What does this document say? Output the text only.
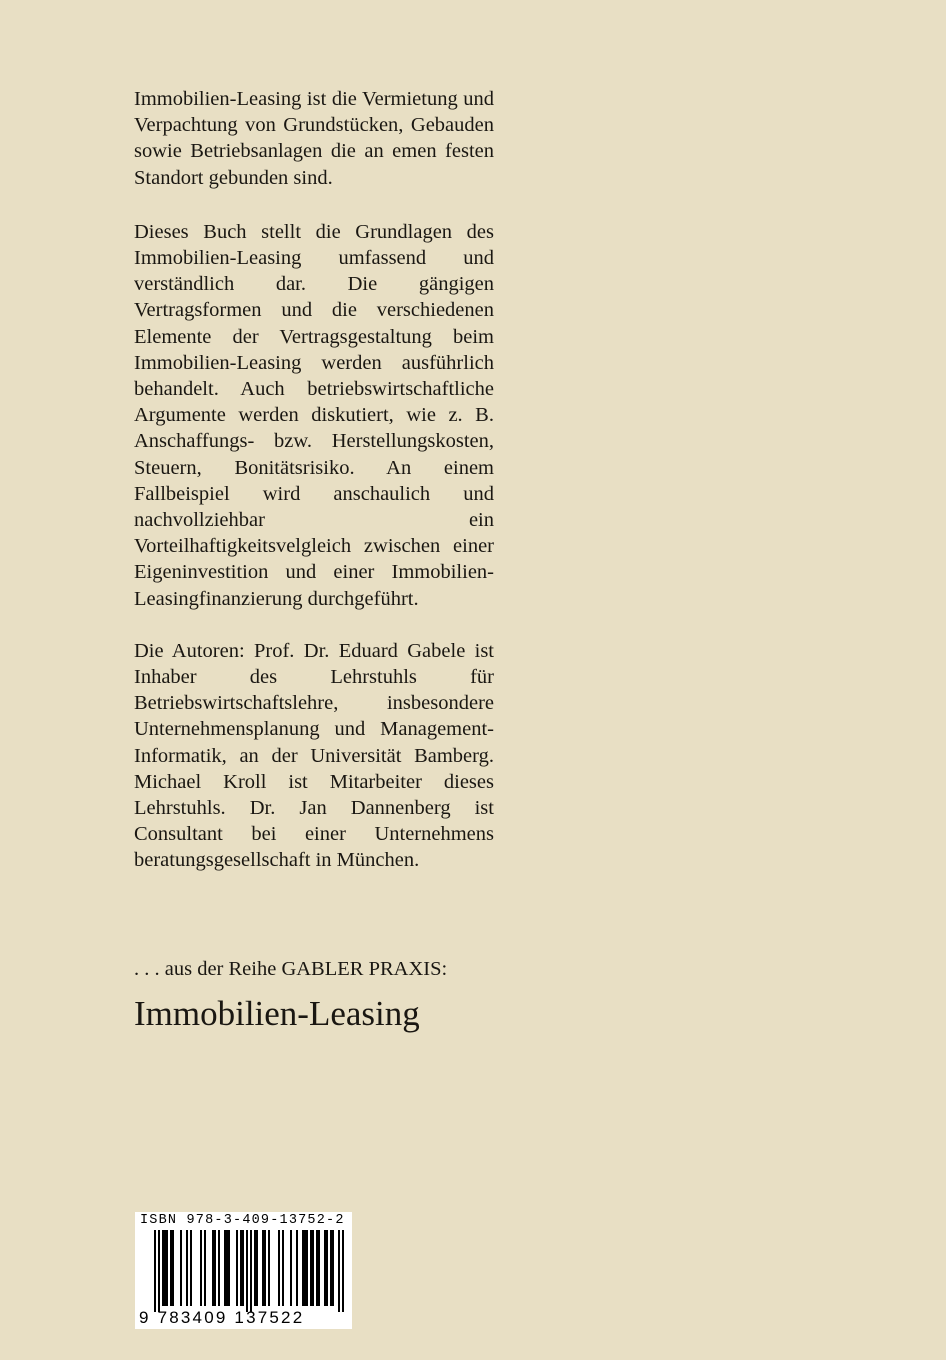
Immobilien-Leasing ist die Vermietung und Verpachtung von Grundstücken, Gebauden sowie Betriebsanlagen die an emen festen Standort gebunden sind.

Dieses Buch stellt die Grundlagen des Immobilien-Leasing umfassend und verständlich dar. Die gängigen Vertragsformen und die verschiedenen Elemente der Vertragsgestaltung beim Immobilien-Leasing werden ausführlich behandelt. Auch betriebswirtschaftliche Argumente werden diskutiert, wie z. B. Anschaffungs- bzw. Herstellungskosten, Steuern, Bonitätsrisiko. An einem Fallbeispiel wird anschaulich und nachvollziehbar ein Vorteilhaftigkeitsvelgleich zwischen einer Eigeninvestition und einer Immobilien-Leasingfinanzierung durchgeführt.

Die Autoren: Prof. Dr. Eduard Gabele ist Inhaber des Lehrstuhls für Betriebswirtschaftslehre, insbesondere Unternehmensplanung und Management-Informatik, an der Universität Bamberg. Michael Kroll ist Mitarbeiter dieses Lehrstuhls. Dr. Jan Dannenberg ist Consultant bei einer Unternehmens beratungsgesellschaft in München.

. . . aus der Reihe GABLER PRAXIS:
Immobilien-Leasing
ISBN 978-3-409-13752-2
9 783409 137522
